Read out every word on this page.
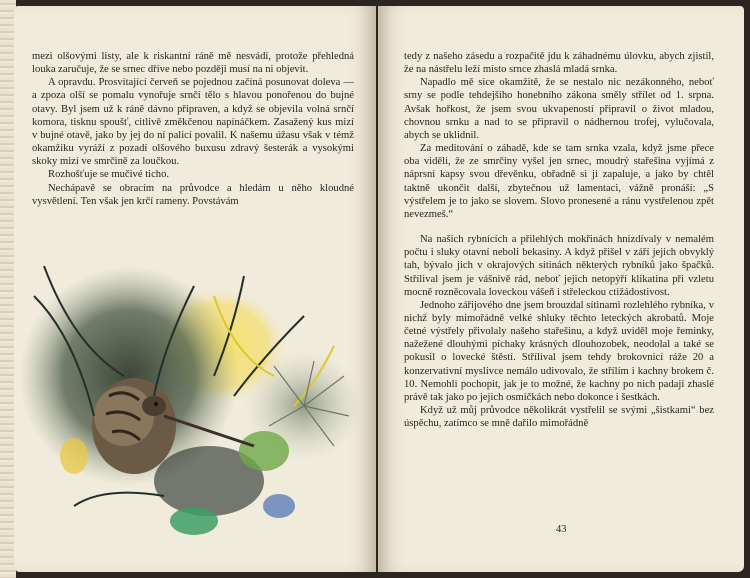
mezi olšovými listy, ale k riskantní ráně mě nesvádí, protože přehledná louka zaručuje, že se srnec dříve nebo později musí na ni objevit.

A opravdu. Prosvítající červeň se pojednou začíná posunovat doleva — a zpoza olší se pomalu vynořuje srnčí tělo s hlavou ponořenou do bujné otavy. Byl jsem už k ráně dávno připraven, a když se objevila volná srnčí komora, tisknu spoušť, citlivě změkčenou napínáčkem. Zasažený kus mizí v bujné otavě, jako by jej do ní palicí povalil. K našemu úžasu však v témž okamžiku vyráží z pozadí olšového buxusu zdravý šesterák a vysokými skoky mizí ve smrčině za loučkou.

Rozhošťuje se mučivé ticho.

Nechápavě se obracím na průvodce a hledám u něho kloudné vysvětlení. Ten však jen krčí rameny. Povstávám

tedy z našeho zásedu a rozpačitě jdu k záhadnému úlovku, abych zjistil, že na nástřelu leží místo srnce zhaslá mladá srnka.

Napadlo mě sice okamžitě, že se nestalo nic nezákonného, neboť srny se podle tehdejšího honebního zákona směly střílet od 1. srpna. Avšak hořkost, že jsem svou ukvapeností připravil o život mladou, chovnou srnku a nad to se připravil o nádhernou trofej, vylučovala, abych se uklidnil.

Za meditování o záhadě, kde se tam srnka vzala, když jsme přece oba viděli, že ze smrčiny vyšel jen srnec, moudrý stařešina vyjímá z náprsní kapsy svou dřevěnku, obřadně si ji zapaluje, a jako by chtěl taktně ukončit další, zbytečnou už lamentaci, vážně pronáší: „S výstřelem je to jako se slovem. Slovo pronesené a ránu vystřelenou zpět nevezmeš.“

Na našich rybnících a přilehlých mokřinách hnízdívaly v nemalém počtu i sluky otavní neboli bekasiny. A když přišel v září jejich obvyklý tah, bývalo jich v okrajových sítinách některých rybníků jako špačků. Střílival jsem je vášnivě rád, neboť jejich netopýří klikatina při vzletu mocně rozněcovala loveckou vášeň i střeleckou ctižádostivost.

Jednoho zářijového dne jsem brouzdal sítinami rozlehlého rybníka, v nichž byly mimořádně velké shluky těchto leteckých akrobatů. Moje četné výstřely přivolaly našeho stařešinu, a když uviděl moje řeminky, nažežené dlouhými píchaky krásných dlouhozobek, neodolal a také se pokusil o lovecké štěstí. Střílival jsem tehdy brokovnicí ráže 20 a konzervativní myslivce nemálo udivovalo, že střílím i kachny brokem č. 10. Nemohli pochopit, jak je to možné, že kachny po nich padají zhaslé právě tak jako po jejich osmičkách nebo dokonce i šestkách.

Když už můj průvodce několikrát vystřelil se svými „šistkami“ bez úspěchu, zatímco se mně dařilo mimořádně

43
